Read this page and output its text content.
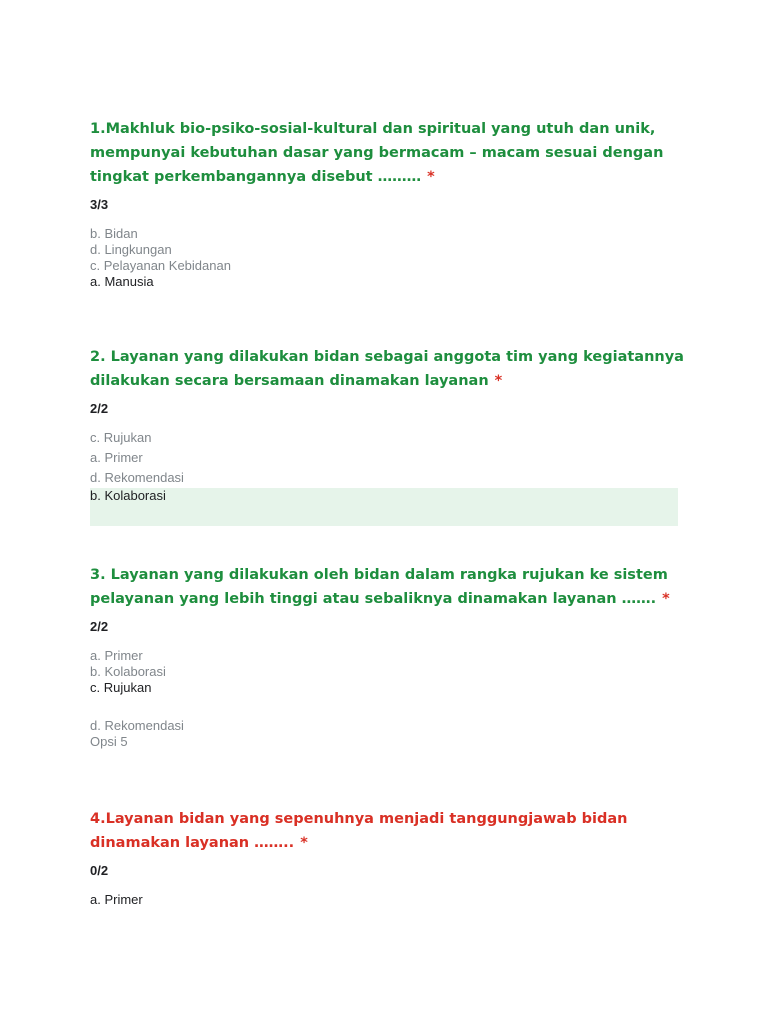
1.Makhluk bio-psiko-sosial-kultural dan spiritual yang utuh dan unik, mempunyai kebutuhan dasar yang bermacam – macam sesuai dengan tingkat perkembangannya disebut ……… *

3/3

b. Bidan
d. Lingkungan
c. Pelayanan Kebidanan
a. Manusia

2. Layanan yang dilakukan bidan sebagai anggota tim yang kegiatannya dilakukan secara bersamaan dinamakan layanan *

2/2

c. Rujukan
a. Primer
d. Rekomendasi
b. Kolaborasi

3. Layanan yang dilakukan oleh bidan dalam rangka rujukan ke sistem pelayanan yang lebih tinggi atau sebaliknya dinamakan layanan ……. *

2/2

a. Primer
b. Kolaborasi
c. Rujukan
d. Rekomendasi
Opsi 5

4.Layanan bidan yang sepenuhnya menjadi tanggungjawab bidan dinamakan layanan …….. *

0/2

a. Primer
